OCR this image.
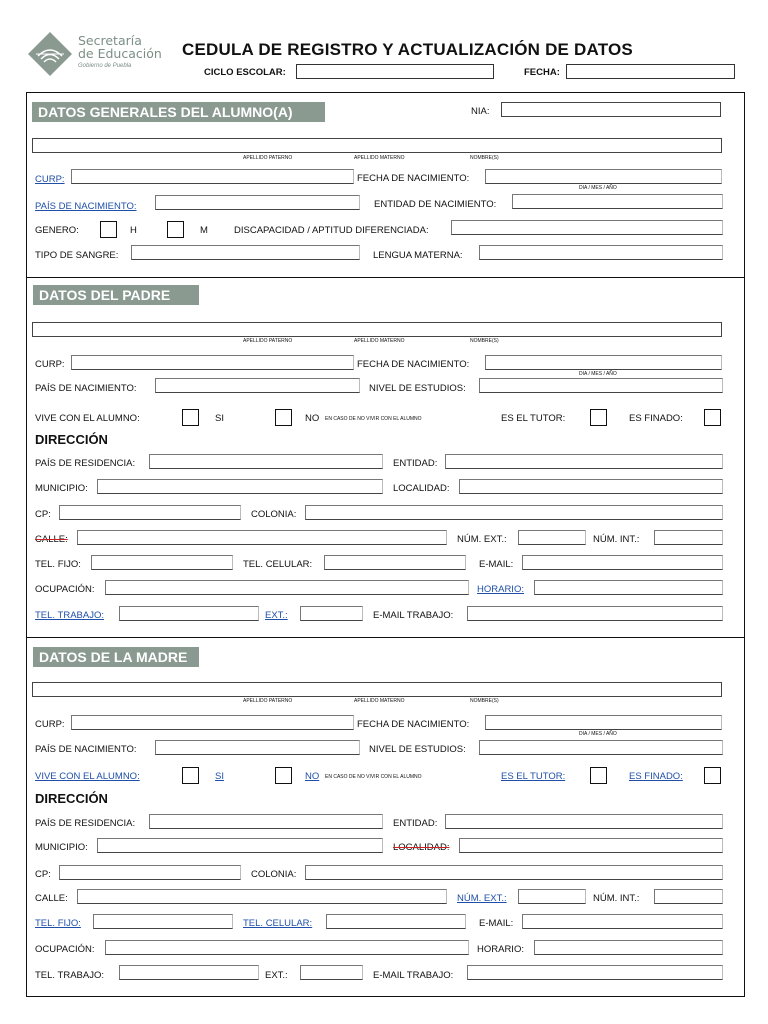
Secretaría
de Educación
Gobierno de Puebla
CEDULA DE REGISTRO Y ACTUALIZACIÓN DE DATOS
CICLO ESCOLAR:	FECHA:
DATOS GENERALES DEL ALUMNO(A)	NIA:
APELLIDO PATERNO	APELLIDO MATERNO	NOMBRE(S)
CURP:	FECHA DE NACIMIENTO:
DIA / MES / AÑO
PAÍS DE NACIMIENTO:	ENTIDAD DE NACIMIENTO:
GENERO:	H	M	DISCAPACIDAD / APTITUD DIFERENCIADA:
TIPO DE SANGRE:	LENGUA MATERNA:
DATOS DEL PADRE
APELLIDO PATERNO	APELLIDO MATERNO	NOMBRE(S)
CURP:	FECHA DE NACIMIENTO:
DIA / MES / AÑO
PAÍS DE NACIMIENTO:	NIVEL DE ESTUDIOS:
VIVE CON EL ALUMNO:	SI	NO EN CASO DE NO VIVIR CON EL ALUMNO	ES EL TUTOR:	ES FINADO:
DIRECCIÓN
PAÍS DE RESIDENCIA:	ENTIDAD:
MUNICIPIO:	LOCALIDAD:
CP:	COLONIA:
CALLE:	NÚM. EXT.:	NÚM. INT.:
TEL. FIJO:	TEL. CELULAR:	E-MAIL:
OCUPACIÓN:	HORARIO:
TEL. TRABAJO:	EXT.:	E-MAIL TRABAJO:
DATOS DE LA MADRE
APELLIDO PATERNO	APELLIDO MATERNO	NOMBRE(S)
CURP:	FECHA DE NACIMIENTO:
DIA / MES / AÑO
PAÍS DE NACIMIENTO:	NIVEL DE ESTUDIOS:
VIVE CON EL ALUMNO:	SI	NO EN CASO DE NO VIVIR CON EL ALUMNO	ES EL TUTOR:	ES FINADO:
DIRECCIÓN
PAÍS DE RESIDENCIA:	ENTIDAD:
MUNICIPIO:	LOCALIDAD:
CP:	COLONIA:
CALLE:	NÚM. EXT.:	NÚM. INT.:
TEL. FIJO:	TEL. CELULAR:	E-MAIL:
OCUPACIÓN:	HORARIO:
TEL. TRABAJO:	EXT.:	E-MAIL TRABAJO:
